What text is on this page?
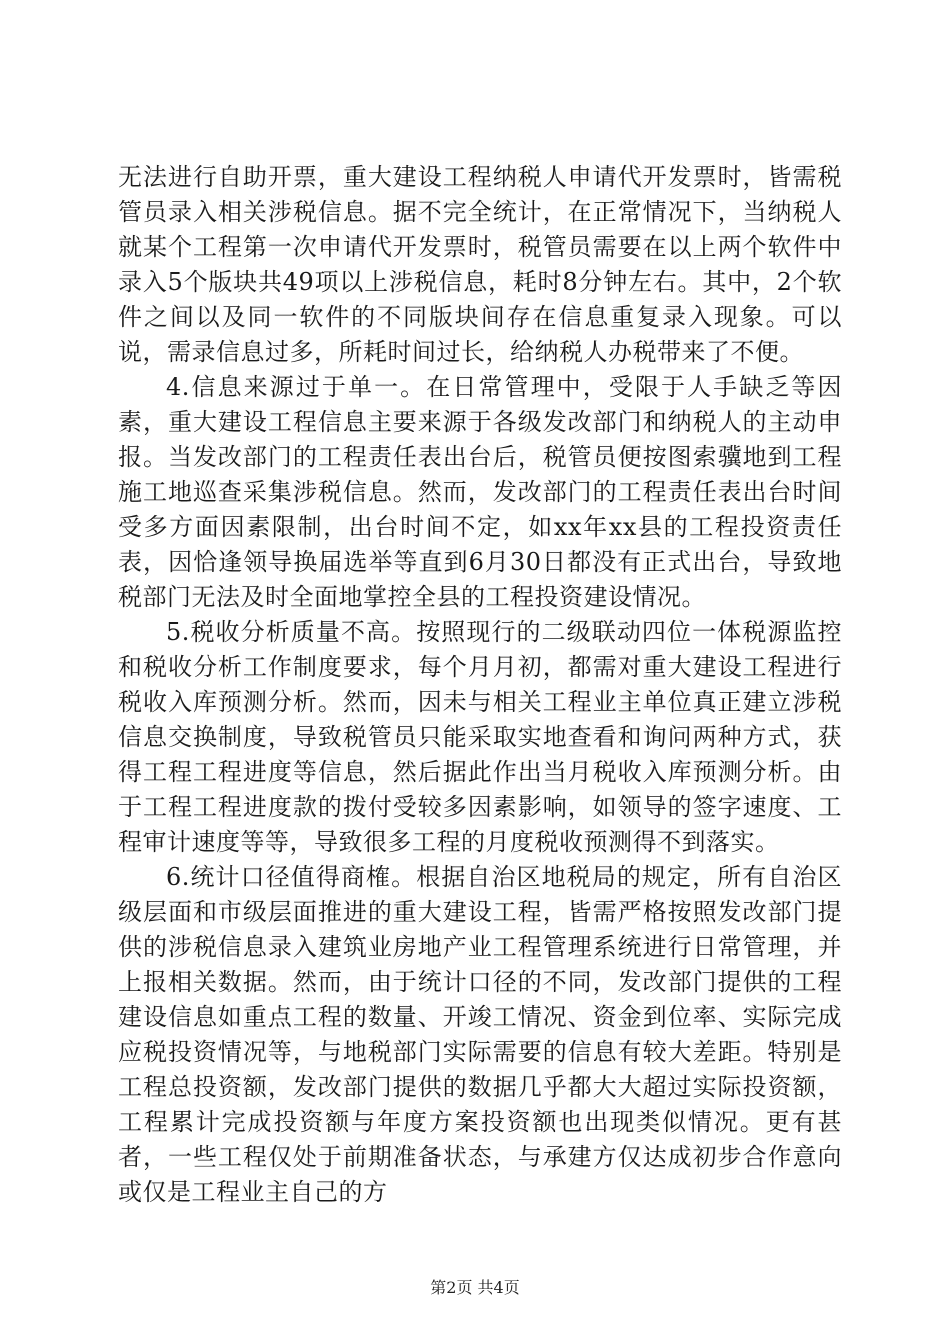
无法进行自助开票，重大建设工程纳税人申请代开发票时，皆需税管员录入相关涉税信息。据不完全统计，在正常情况下，当纳税人就某个工程第一次申请代开发票时，税管员需要在以上两个软件中录入5个版块共49项以上涉税信息，耗时8分钟左右。其中，2个软件之间以及同一软件的不同版块间存在信息重复录入现象。可以说，需录信息过多，所耗时间过长，给纳税人办税带来了不便。

4.信息来源过于单一。在日常管理中，受限于人手缺乏等因素，重大建设工程信息主要来源于各级发改部门和纳税人的主动申报。当发改部门的工程责任表出台后，税管员便按图索骥地到工程施工地巡查采集涉税信息。然而，发改部门的工程责任表出台时间受多方面因素限制，出台时间不定，如xx年xx县的工程投资责任表，因恰逢领导换届选举等直到6月30日都没有正式出台，导致地税部门无法及时全面地掌控全县的工程投资建设情况。

5.税收分析质量不高。按照现行的二级联动四位一体税源监控和税收分析工作制度要求，每个月月初，都需对重大建设工程进行税收入库预测分析。然而，因未与相关工程业主单位真正建立涉税信息交换制度，导致税管员只能采取实地查看和询问两种方式，获得工程工程进度等信息，然后据此作出当月税收入库预测分析。由于工程工程进度款的拨付受较多因素影响，如领导的签字速度、工程审计速度等等，导致很多工程的月度税收预测得不到落实。

6.统计口径值得商榷。根据自治区地税局的规定，所有自治区级层面和市级层面推进的重大建设工程，皆需严格按照发改部门提供的涉税信息录入建筑业房地产业工程管理系统进行日常管理，并上报相关数据。然而，由于统计口径的不同，发改部门提供的工程建设信息如重点工程的数量、开竣工情况、资金到位率、实际完成应税投资情况等，与地税部门实际需要的信息有较大差距。特别是工程总投资额，发改部门提供的数据几乎都大大超过实际投资额，工程累计完成投资额与年度方案投资额也出现类似情况。更有甚者，一些工程仅处于前期准备状态，与承建方仅达成初步合作意向或仅是工程业主自己的方

第2页 共4页
